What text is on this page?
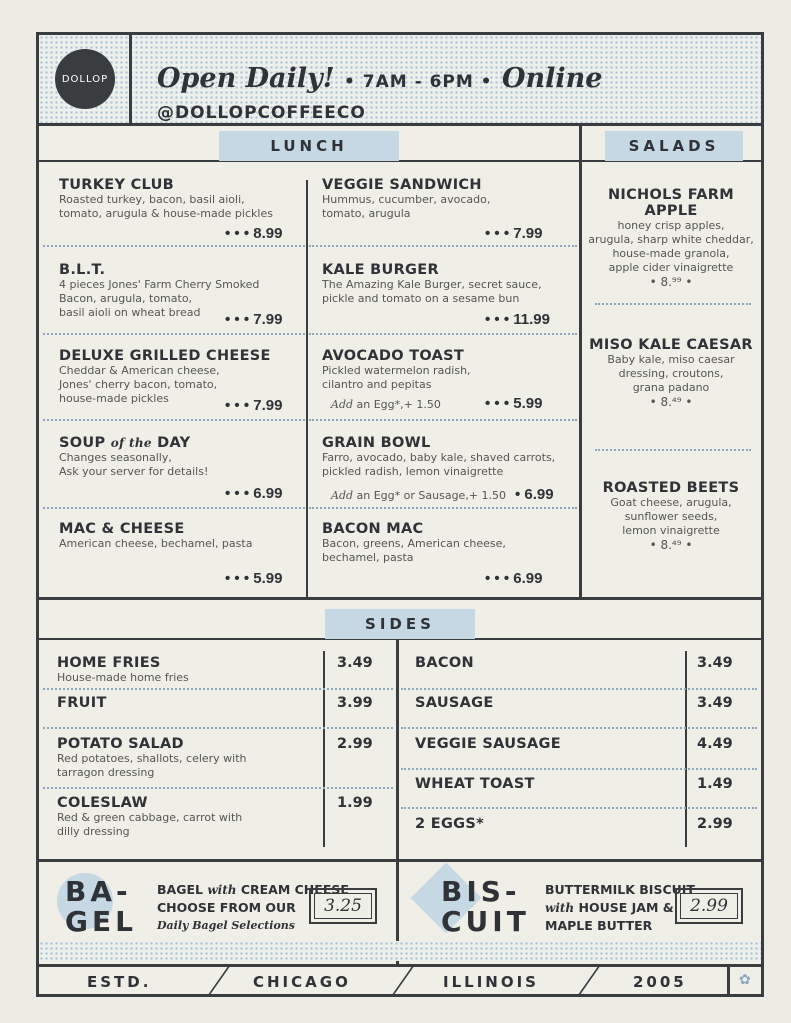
DOLLOP Open Daily! • 7AM - 6PM • Online @DOLLOPCOFFEECO
LUNCH	SALADS
TURKEY CLUB
Roasted turkey, bacon, basil aioli,
tomato, arugula & house-made pickles
• • • 8.99
B.L.T.
4 pieces Jones' Farm Cherry Smoked
Bacon, arugula, tomato,
basil aioli on wheat bread	• • • 7.99
DELUXE GRILLED CHEESE
Cheddar & American cheese,
Jones' cherry bacon, tomato,
house-made pickles	• • • 7.99
SOUP of the DAY
Changes seasonally,
Ask your server for details!
• • • 6.99
MAC & CHEESE
American cheese, bechamel, pasta
• • • 5.99
VEGGIE SANDWICH
Hummus, cucumber, avocado,
tomato, arugula
• • • 7.99
KALE BURGER
The Amazing Kale Burger, secret sauce,
pickle and tomato on a sesame bun
• • • 11.99
AVOCADO TOAST
Pickled watermelon radish,
cilantro and pepitas
Add an Egg*,+ 1.50	• • • 5.99
GRAIN BOWL
Farro, avocado, baby kale, shaved carrots,
pickled radish, lemon vinaigrette
Add an Egg* or Sausage,+ 1.50 • 6.99
BACON MAC
Bacon, greens, American cheese,
bechamel, pasta
• • • 6.99
NICHOLS FARM APPLE
honey crisp apples,
arugula, sharp white cheddar,
house-made granola,
apple cider vinaigrette
• 8.⁹⁹ •
MISO KALE CAESAR
Baby kale, miso caesar
dressing, croutons,
grana padano
• 8.⁴⁹ •
ROASTED BEETS
Goat cheese, arugula,
sunflower seeds,
lemon vinaigrette
• 8.⁴⁹ •
SIDES
HOME FRIES
House-made home fries
3.49
FRUIT	3.99
POTATO SALAD
Red potatoes, shallots, celery with
tarragon dressing
2.99
COLESLAW
Red & green cabbage, carrot with
dilly dressing
1.99
BACON	3.49
SAUSAGE	3.49
VEGGIE SAUSAGE	4.49
WHEAT TOAST	1.49
2 EGGS*	2.99
BA-
GEL
BAGEL with CREAM CHEESE
CHOOSE FROM OUR
Daily Bagel Selections
3.25	BIS-
CUIT
BUTTERMILK BISCUIT
with HOUSE JAM &
MAPLE BUTTER
2.99
ESTD.	CHICAGO	ILLINOIS	2005	✿
